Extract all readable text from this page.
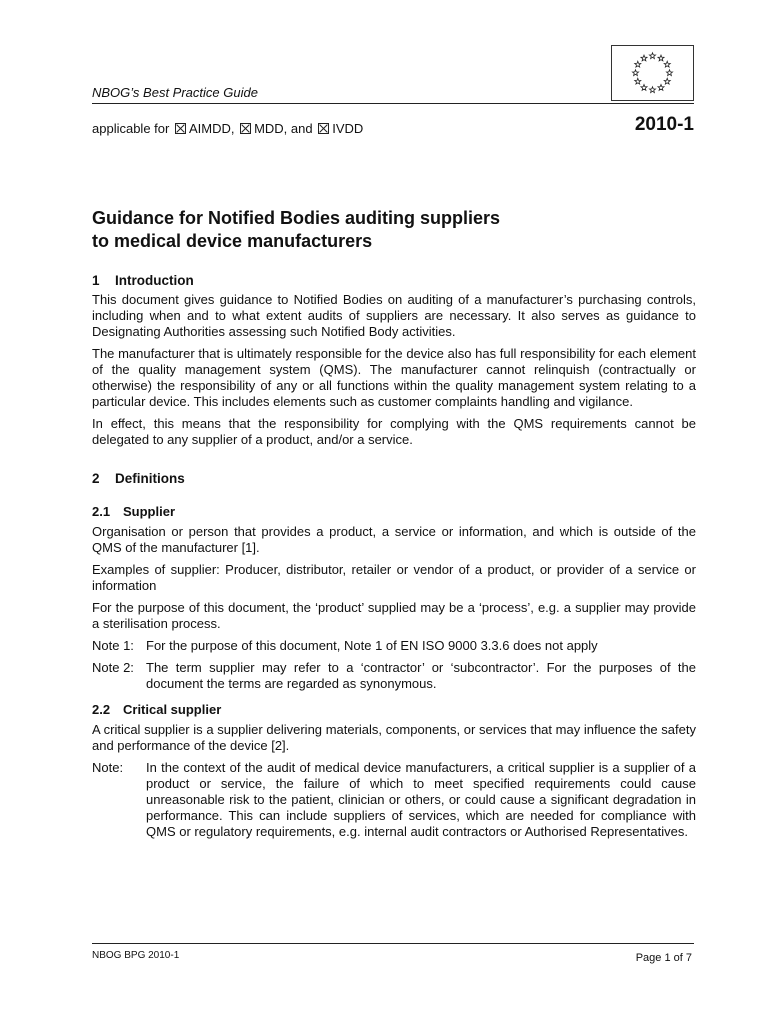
NBOG’s Best Practice Guide
applicable for AIMDD, MDD, and IVDD	2010-1
Guidance for Notified Bodies auditing suppliers
to medical device manufacturers
1 Introduction

This document gives guidance to Notified Bodies on auditing of a manufacturer’s purchasing controls, including when and to what extent audits of suppliers are necessary. It also serves as guidance to Designating Authorities assessing such Notified Body activities.

The manufacturer that is ultimately responsible for the device also has full responsibility for each element of the quality management system (QMS). The manufacturer cannot relinquish (contractually or otherwise) the responsibility of any or all functions within the quality management system relating to a particular device. This includes elements such as customer complaints handling and vigilance.

In effect, this means that the responsibility for complying with the QMS requirements cannot be delegated to any supplier of a product, and/or a service.

2 Definitions
2.1 Supplier

Organisation or person that provides a product, a service or information, and which is outside of the QMS of the manufacturer [1].

Examples of supplier: Producer, distributor, retailer or vendor of a product, or provider of a service or information

For the purpose of this document, the ‘product’ supplied may be a ‘process’, e.g. a supplier may provide a sterilisation process.

Note 1: For the purpose of this document, Note 1 of EN ISO 9000 3.3.6 does not apply
Note 2: The term supplier may refer to a ‘contractor’ or ‘subcontractor’. For the purposes of the document the terms are regarded as synonymous.
2.2 Critical supplier

A critical supplier is a supplier delivering materials, components, or services that may influence the safety and performance of the device [2].

Note:	In the context of the audit of medical device manufacturers, a critical supplier is a supplier of a product or service, the failure of which to meet specified requirements could cause unreasonable risk to the patient, clinician or others, or could cause a significant degradation in performance. This can include suppliers of services, which are needed for compliance with QMS or regulatory requirements, e.g. internal audit contractors or Authorised Representatives.
NBOG BPG 2010-1	Page 1 of 7
